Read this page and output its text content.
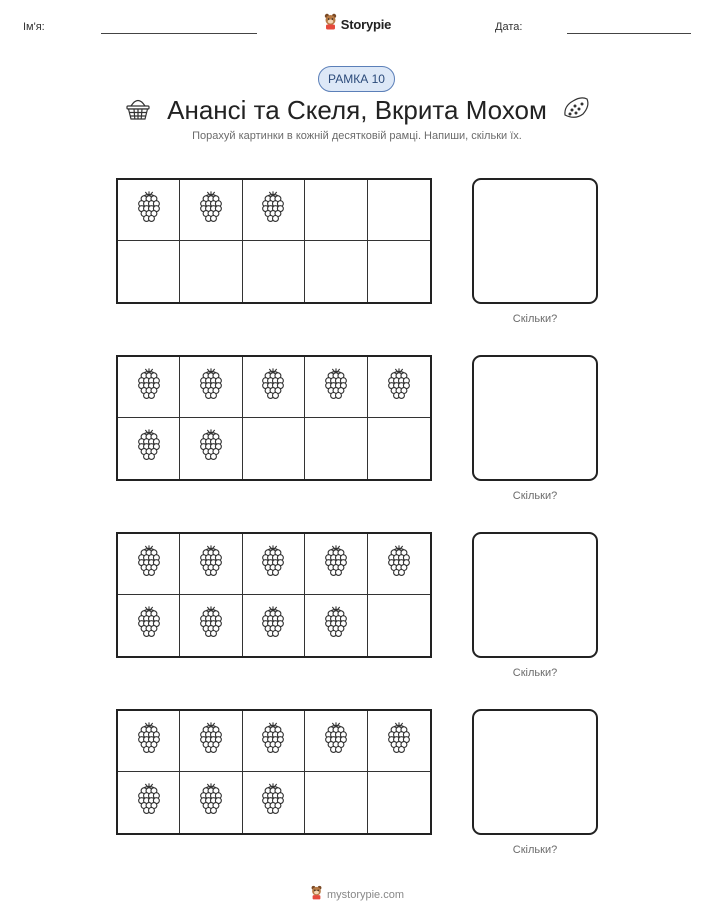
Ім'я:	Storypie	Дата:
РАМКА 10
Анансі та Скеля, Вкрита Мохом
Порахуй картинки в кожній десятковій рамці. Напиши, скільки їх.
Скільки?
Скільки?
Скільки?
Скільки?
mystorypie.com
